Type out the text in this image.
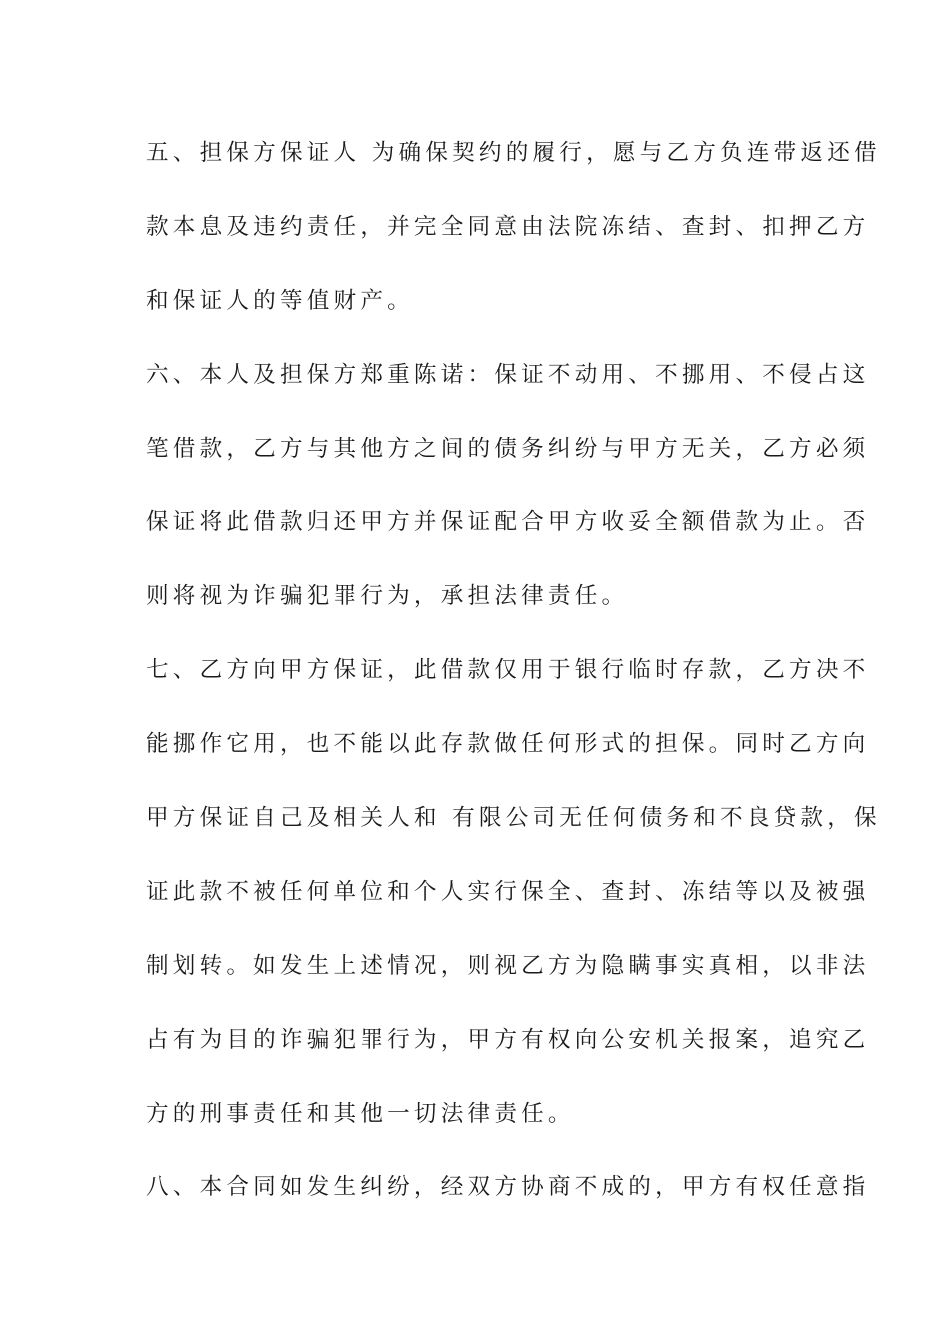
五、担保方保证人 为确保契约的履行，愿与乙方负连带返还借
款本息及违约责任，并完全同意由法院冻结、查封、扣押乙方
和保证人的等值财产。
六、本人及担保方郑重陈诺：保证不动用、不挪用、不侵占这
笔借款，乙方与其他方之间的债务纠纷与甲方无关，乙方必须
保证将此借款归还甲方并保证配合甲方收妥全额借款为止。否
则将视为诈骗犯罪行为，承担法律责任。
七、乙方向甲方保证，此借款仅用于银行临时存款，乙方决不
能挪作它用，也不能以此存款做任何形式的担保。同时乙方向
甲方保证自己及相关人和 有限公司无任何债务和不良贷款，保
证此款不被任何单位和个人实行保全、查封、冻结等以及被强
制划转。如发生上述情况，则视乙方为隐瞒事实真相，以非法
占有为目的诈骗犯罪行为，甲方有权向公安机关报案，追究乙
方的刑事责任和其他一切法律责任。
八、本合同如发生纠纷，经双方协商不成的，甲方有权任意指
